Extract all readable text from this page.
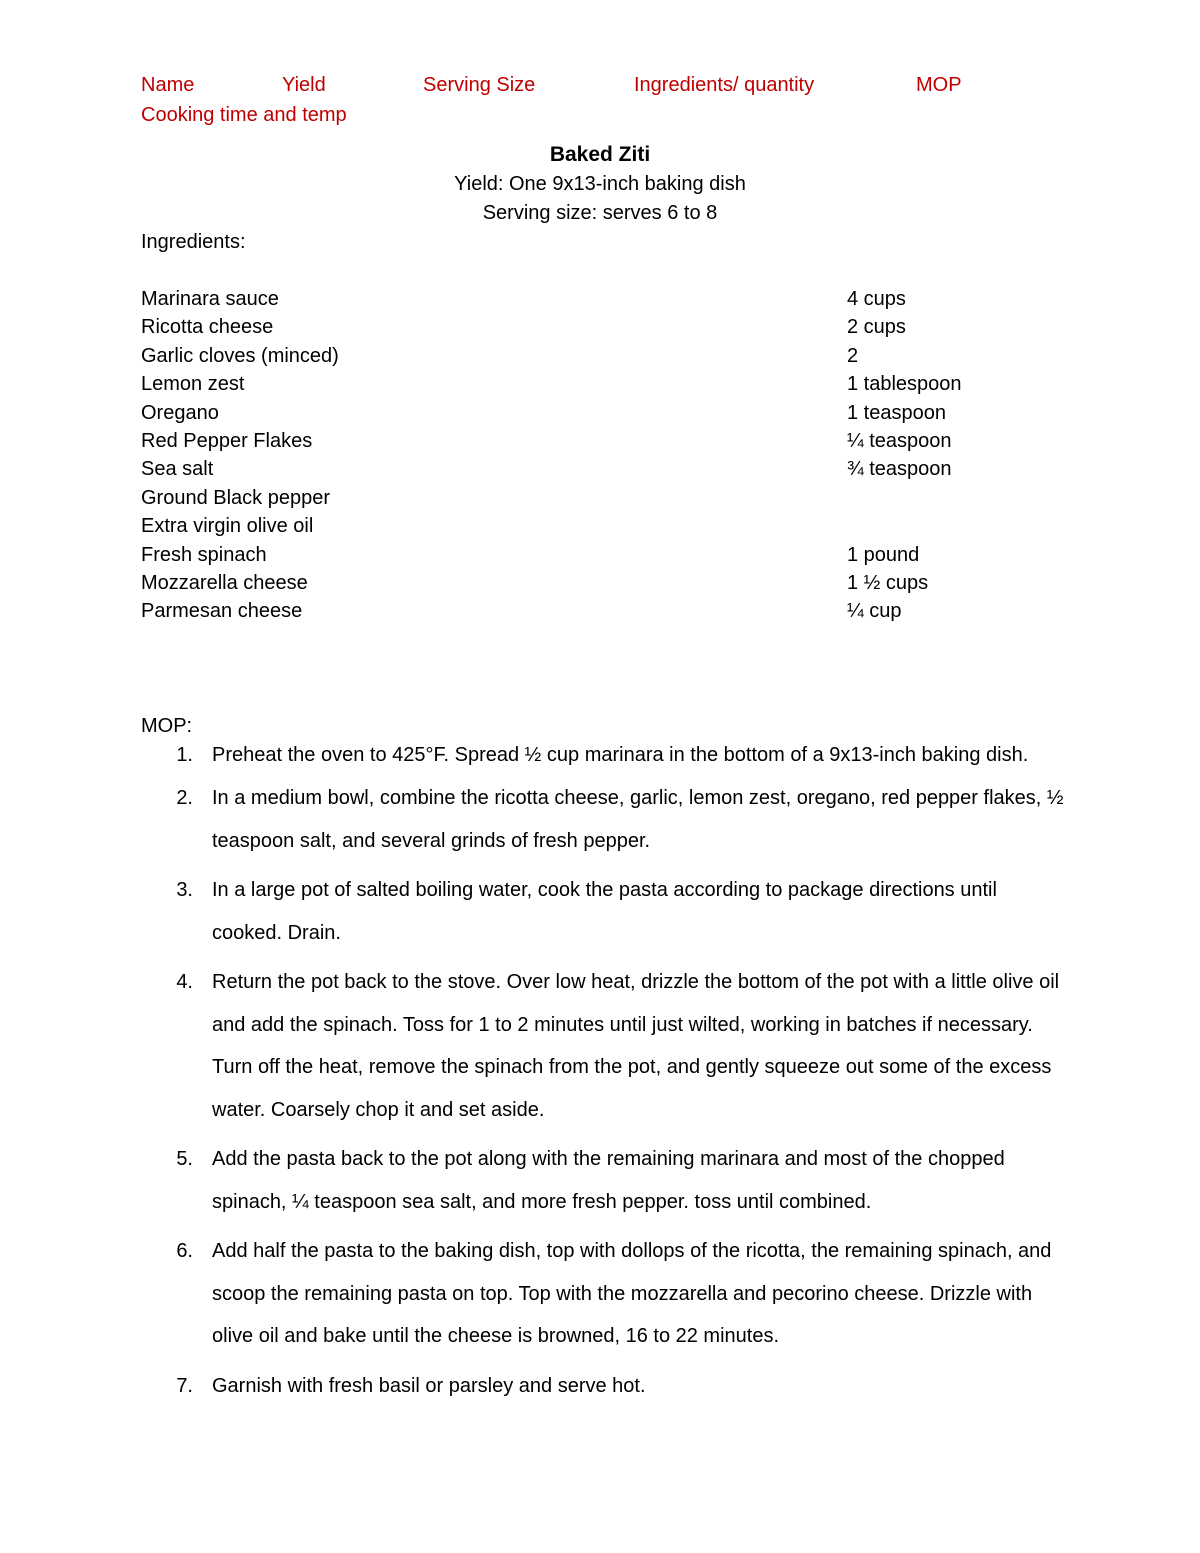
Name	Yield	Serving Size	Ingredients/ quantity	MOP
Cooking time and temp
Baked Ziti
Yield: One 9x13-inch baking dish
Serving size: serves 6 to 8
Ingredients:
Marinara sauce	4 cups
Ricotta cheese	2 cups
Garlic cloves (minced)	2
Lemon zest	1 tablespoon
Oregano	1 teaspoon
Red Pepper Flakes	¼ teaspoon
Sea salt	¾ teaspoon
Ground Black pepper
Extra virgin olive oil
Fresh spinach	1 pound
Mozzarella cheese	1 ½ cups
Parmesan cheese	¼ cup
MOP:
1. Preheat the oven to 425°F. Spread ½ cup marinara in the bottom of a 9x13-inch baking dish.
2. In a medium bowl, combine the ricotta cheese, garlic, lemon zest, oregano, red pepper flakes, ½ teaspoon salt, and several grinds of fresh pepper.
3. In a large pot of salted boiling water, cook the pasta according to package directions until cooked. Drain.
4. Return the pot back to the stove. Over low heat, drizzle the bottom of the pot with a little olive oil and add the spinach. Toss for 1 to 2 minutes until just wilted, working in batches if necessary. Turn off the heat, remove the spinach from the pot, and gently squeeze out some of the excess water. Coarsely chop it and set aside.
5. Add the pasta back to the pot along with the remaining marinara and most of the chopped spinach, ¼ teaspoon sea salt, and more fresh pepper. toss until combined.
6. Add half the pasta to the baking dish, top with dollops of the ricotta, the remaining spinach, and scoop the remaining pasta on top. Top with the mozzarella and pecorino cheese. Drizzle with olive oil and bake until the cheese is browned, 16 to 22 minutes.
7. Garnish with fresh basil or parsley and serve hot.
